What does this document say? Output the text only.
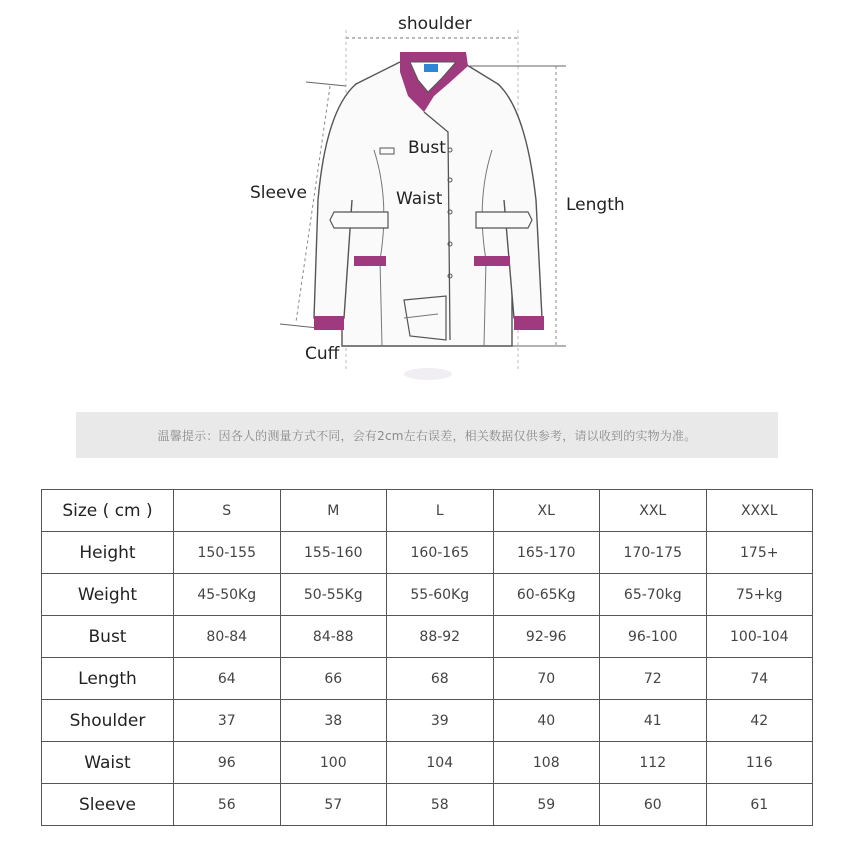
shoulder
Bust
Waist
Sleeve
Length
Cuff
温馨提示：因各人的测量方式不同，会有2cm左右误差，相关数据仅供参考，请以收到的实物为准。
Size ( cm )	S	M	L	XL	XXL	XXXL
Height	150-155	155-160	160-165	165-170	170-175	175+
Weight	45-50Kg	50-55Kg	55-60Kg	60-65Kg	65-70kg	75+kg
Bust	80-84	84-88	88-92	92-96	96-100	100-104
Length	64	66	68	70	72	74
Shoulder	37	38	39	40	41	42
Waist	96	100	104	108	112	116
Sleeve	56	57	58	59	60	61
